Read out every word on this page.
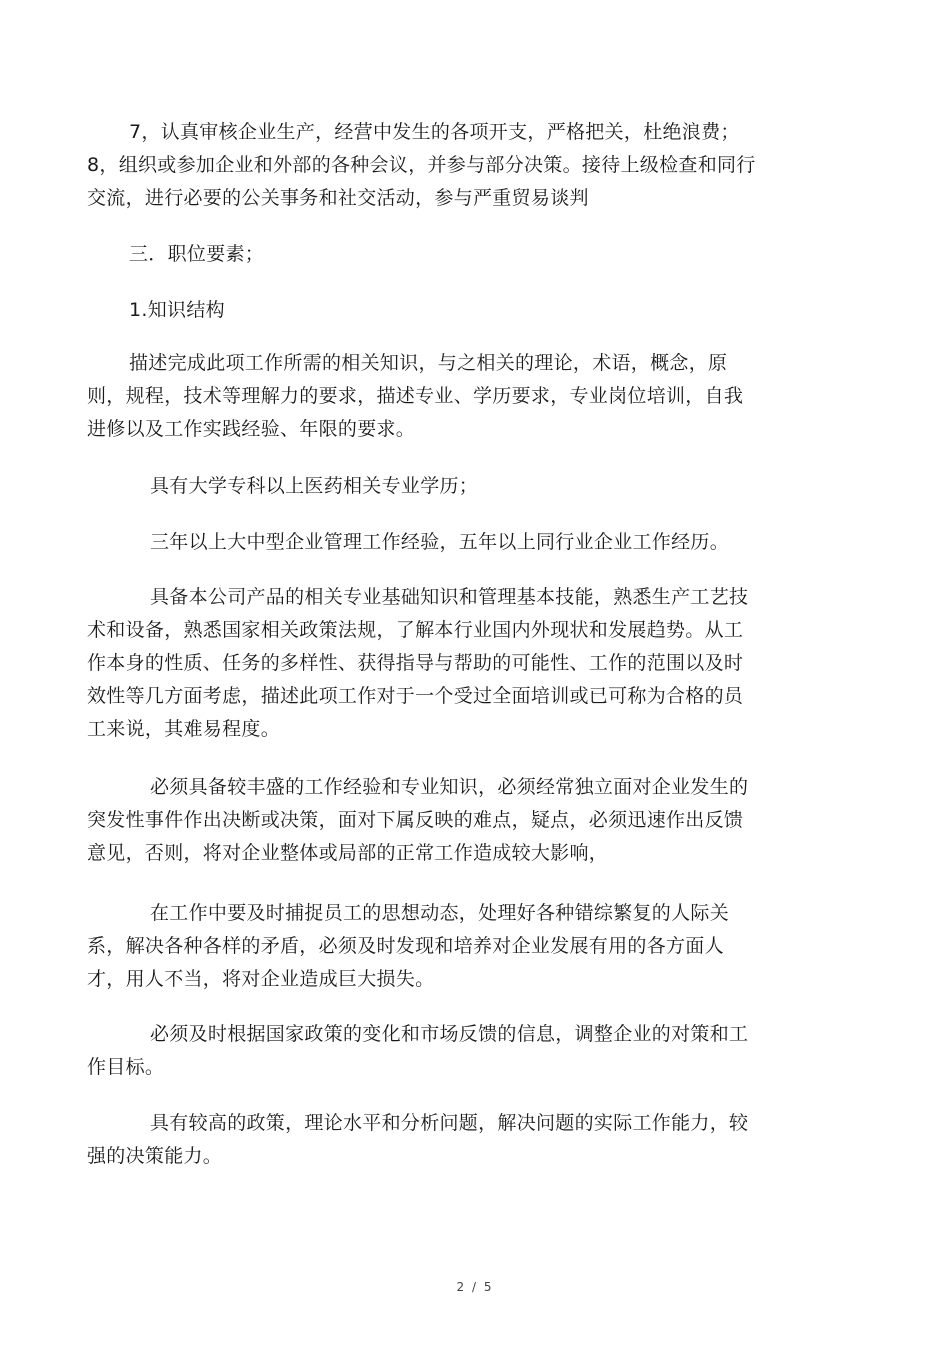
7，认真审核企业生产，经营中发生的各项开支，严格把关，杜绝浪费；
8，组织或参加企业和外部的各种会议，并参与部分决策。接待上级检查和同行
交流，进行必要的公关事务和社交活动，参与严重贸易谈判

三．职位要素；

1.知识结构

描述完成此项工作所需的相关知识，与之相关的理论，术语，概念，原
则，规程，技术等理解力的要求，描述专业、学历要求，专业岗位培训，自我
进修以及工作实践经验、年限的要求。

具有大学专科以上医药相关专业学历；

三年以上大中型企业管理工作经验，五年以上同行业企业工作经历。

具备本公司产品的相关专业基础知识和管理基本技能，熟悉生产工艺技
术和设备，熟悉国家相关政策法规，了解本行业国内外现状和发展趋势。从工
作本身的性质、任务的多样性、获得指导与帮助的可能性、工作的范围以及时
效性等几方面考虑，描述此项工作对于一个受过全面培训或已可称为合格的员
工来说，其难易程度。

必须具备较丰盛的工作经验和专业知识，必须经常独立面对企业发生的
突发性事件作出决断或决策，面对下属反映的难点，疑点，必须迅速作出反馈
意见，否则，将对企业整体或局部的正常工作造成较大影响，

在工作中要及时捕捉员工的思想动态，处理好各种错综繁复的人际关
系，解决各种各样的矛盾，必须及时发现和培养对企业发展有用的各方面人
才，用人不当，将对企业造成巨大损失。

必须及时根据国家政策的变化和市场反馈的信息，调整企业的对策和工
作目标。

具有较高的政策，理论水平和分析问题，解决问题的实际工作能力，较
强的决策能力。

2 / 5
